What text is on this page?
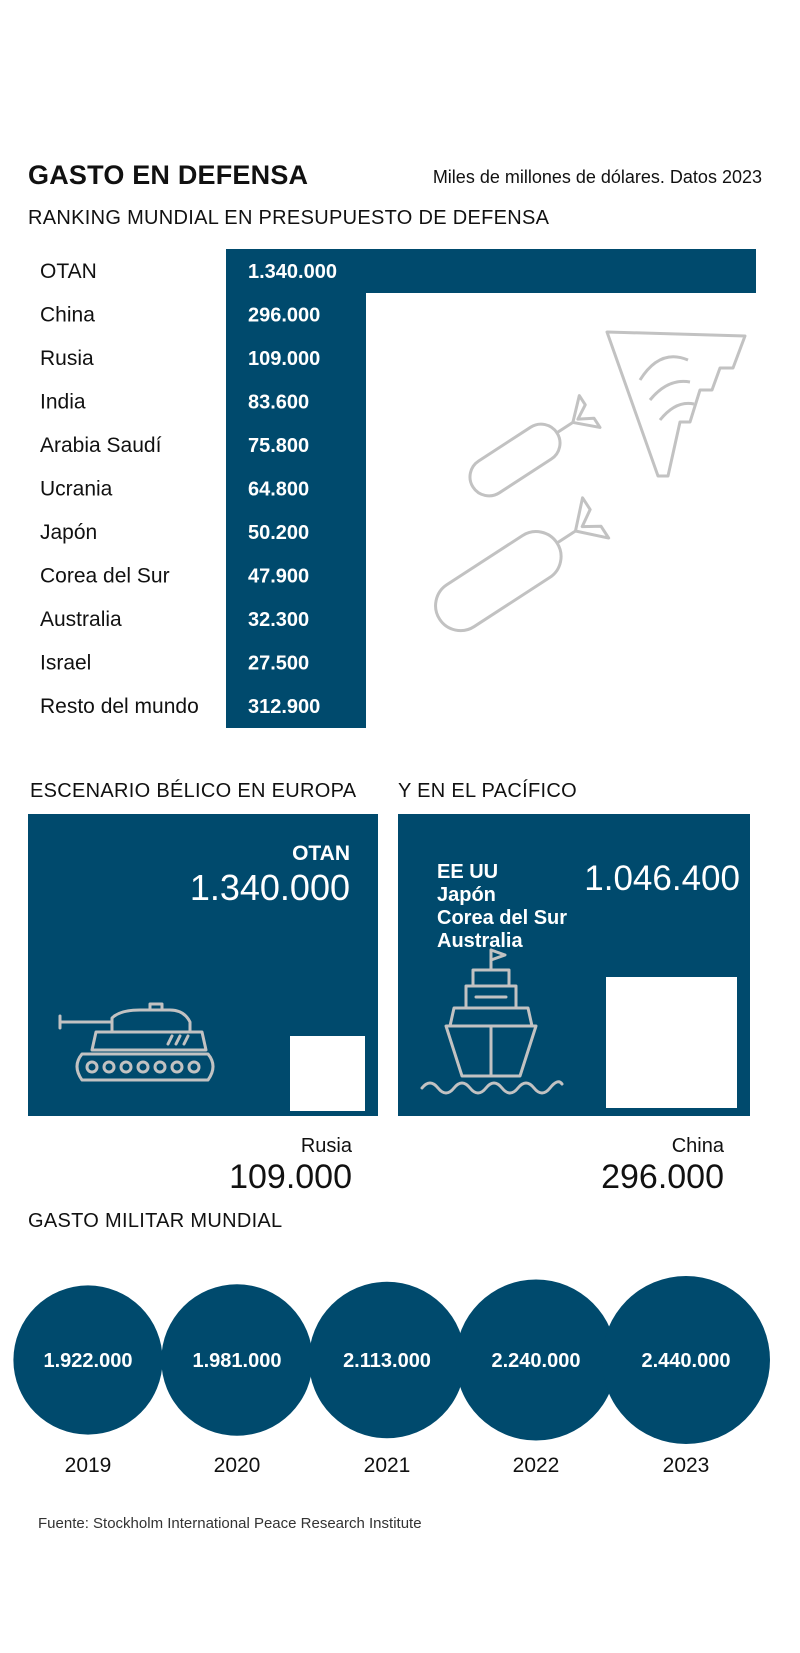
GASTO EN DEFENSA	Miles de millones de dólares. Datos 2023
RANKING MUNDIAL EN PRESUPUESTO DE DEFENSA
OTAN	1.340.000
China	296.000
Rusia	109.000
India	83.600
Arabia Saudí	75.800
Ucrania	64.800
Japón	50.200
Corea del Sur	47.900
Australia	32.300
Israel	27.500
Resto del mundo 312.900
ESCENARIO BÉLICO EN EUROPA Y EN EL PACÍFICO
OTAN
1.340.000
Rusia
109.000
EE UU
Japón
Corea del Sur
Australia
1.046.400
China
296.000
GASTO MILITAR MUNDIAL
1.922.000
2019
1.981.000
2020
2.113.000
2021
2.240.000
2022
2.440.000
2023
Fuente: Stockholm International Peace Research Institute
